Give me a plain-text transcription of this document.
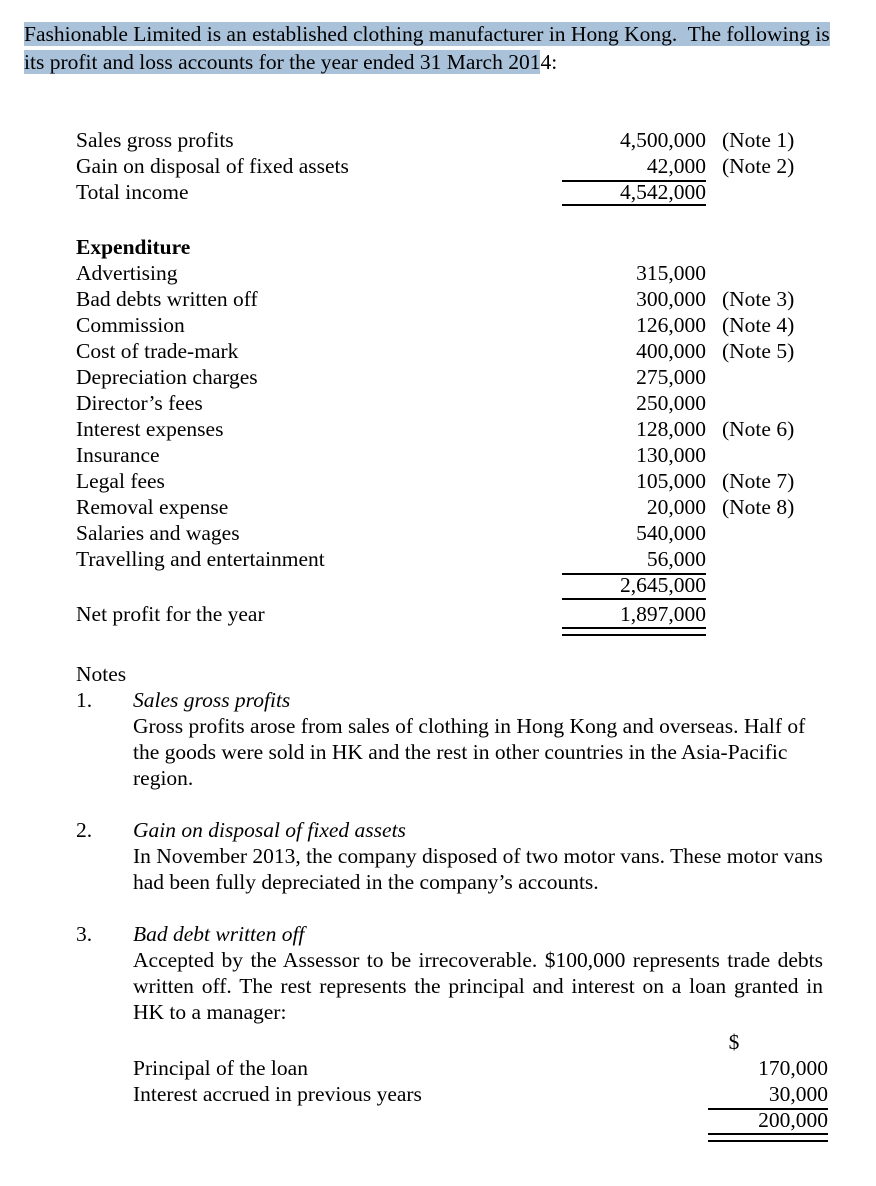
Fashionable Limited is an established clothing manufacturer in Hong Kong.  The following is
its profit and loss accounts for the year ended 31 March 2014:
Sales gross profits	4,500,000 (Note 1)
Gain on disposal of fixed assets	42,000 (Note 2)
Total income	4,542,000
Expenditure
Advertising	315,000
Bad debts written off	300,000 (Note 3)
Commission	126,000 (Note 4)
Cost of trade-mark	400,000 (Note 5)
Depreciation charges	275,000
Director’s fees	250,000
Interest expenses	128,000 (Note 6)
Insurance	130,000
Legal fees	105,000 (Note 7)
Removal expense	20,000 (Note 8)
Salaries and wages	540,000
Travelling and entertainment	56,000
2,645,000
Net profit for the year	1,897,000
Notes
1. Sales gross profits
Gross profits arose from sales of clothing in Hong Kong and overseas. Half of the goods were sold in HK and the rest in other countries in the Asia-Pacific region.
2. Gain on disposal of fixed assets
In November 2013, the company disposed of two motor vans. These motor vans had been fully depreciated in the company’s accounts.
3. Bad debt written off
Accepted by the Assessor to be irrecoverable. $100,000 represents trade debts written off. The rest represents the principal and interest on a loan granted in HK to a manager:
$
Principal of the loan	170,000
Interest accrued in previous years	30,000
200,000
